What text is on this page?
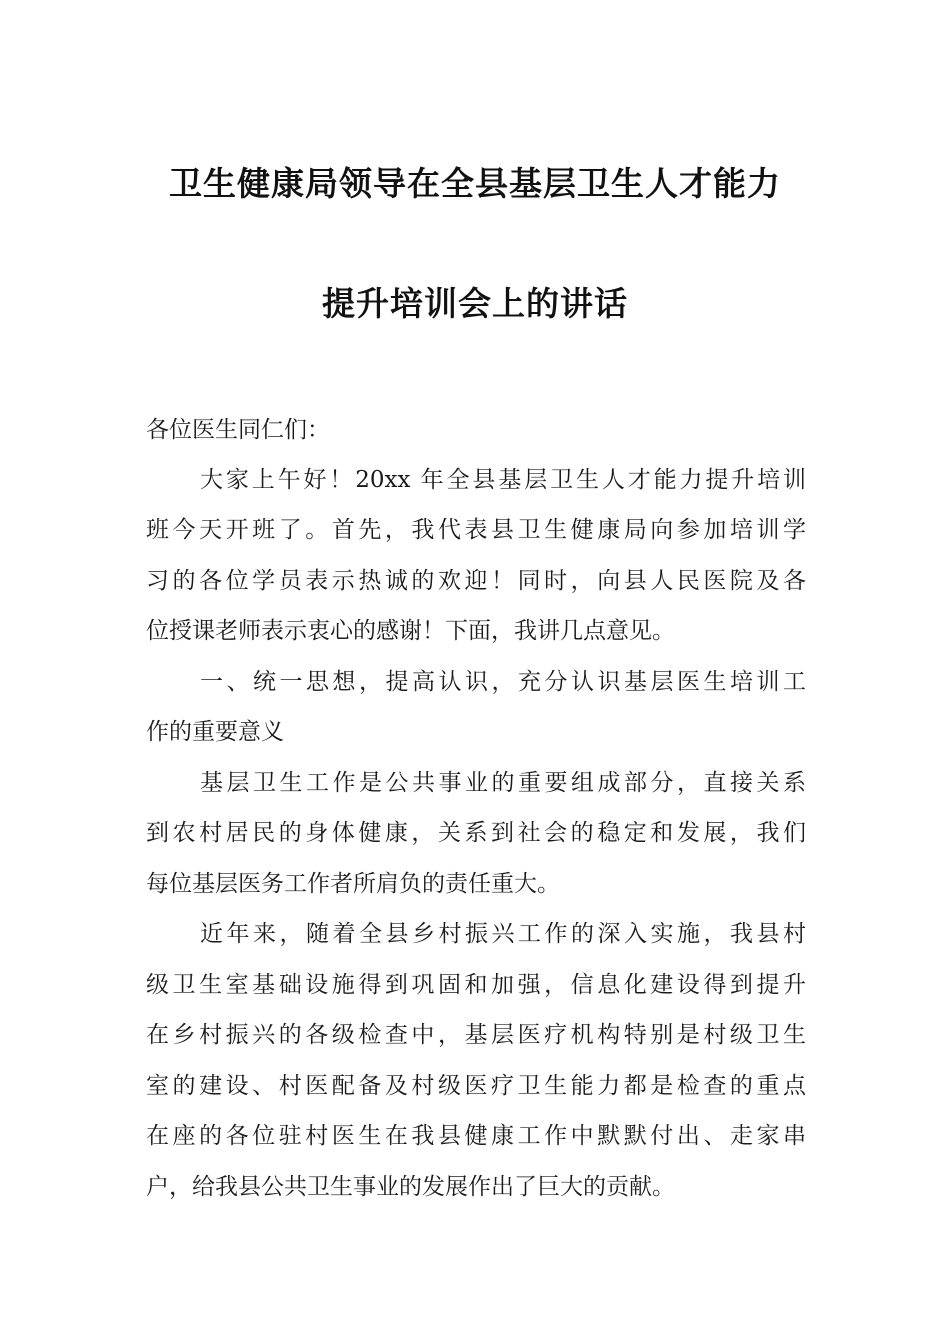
卫生健康局领导在全县基层卫生人才能力
提升培训会上的讲话
各位医生同仁们：
大家上午好！20xx 年全县基层卫生人才能力提升培训
班今天开班了。首先，我代表县卫生健康局向参加培训学
习的各位学员表示热诚的欢迎！同时，向县人民医院及各
位授课老师表示衷心的感谢！下面，我讲几点意见。
一、统一思想，提高认识，充分认识基层医生培训工
作的重要意义
基层卫生工作是公共事业的重要组成部分，直接关系
到农村居民的身体健康，关系到社会的稳定和发展，我们
每位基层医务工作者所肩负的责任重大。
近年来，随着全县乡村振兴工作的深入实施，我县村
级卫生室基础设施得到巩固和加强，信息化建设得到提升
在乡村振兴的各级检查中，基层医疗机构特别是村级卫生
室的建设、村医配备及村级医疗卫生能力都是检查的重点
在座的各位驻村医生在我县健康工作中默默付出、走家串
户，给我县公共卫生事业的发展作出了巨大的贡献。
